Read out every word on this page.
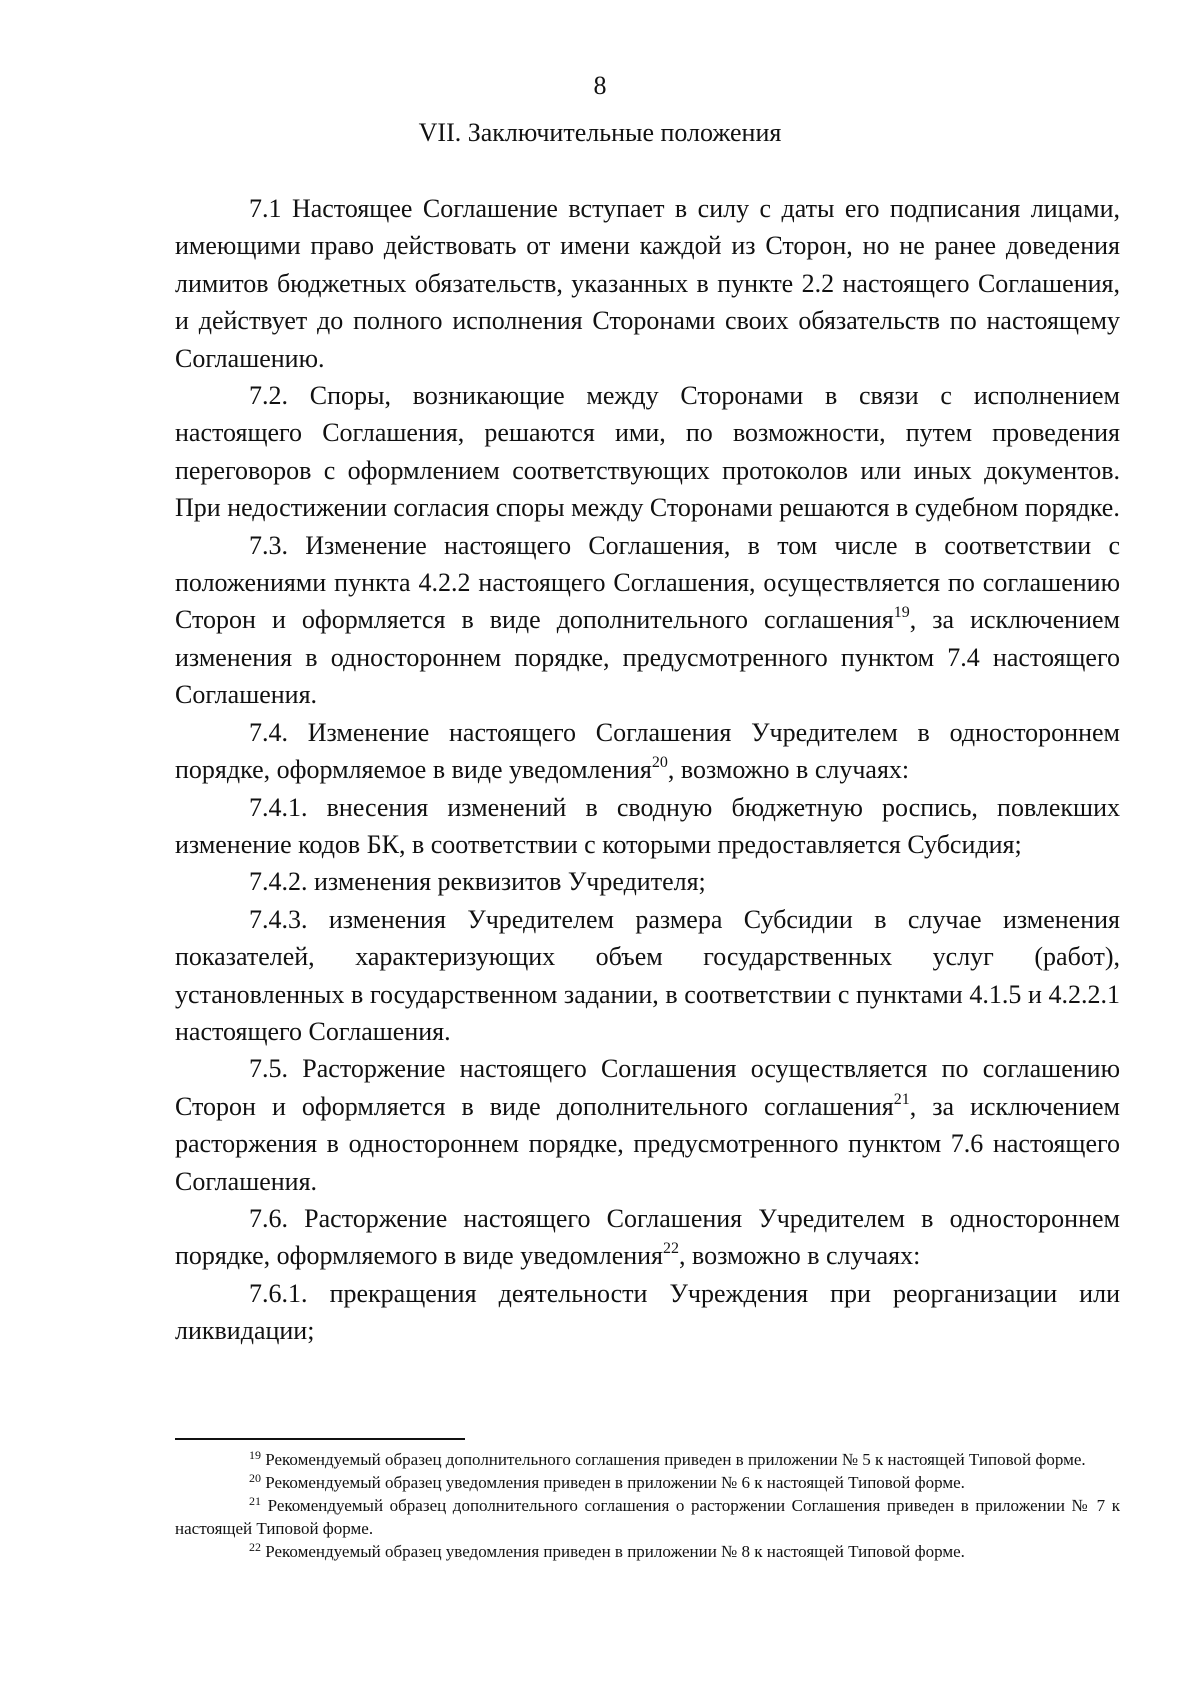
8
VII. Заключительные положения

7.1 Настоящее Соглашение вступает в силу с даты его подписания лицами, имеющими право действовать от имени каждой из Сторон, но не ранее доведения лимитов бюджетных обязательств, указанных в пункте 2.2 настоящего Соглашения, и действует до полного исполнения Сторонами своих обязательств по настоящему Соглашению.

7.2. Споры, возникающие между Сторонами в связи с исполнением настоящего Соглашения, решаются ими, по возможности, путем проведения переговоров с оформлением соответствующих протоколов или иных документов. При недостижении согласия споры между Сторонами решаются в судебном порядке.

7.3. Изменение настоящего Соглашения, в том числе в соответствии с положениями пункта 4.2.2 настоящего Соглашения, осуществляется по соглашению Сторон и оформляется в виде дополнительного соглашения$^{19}$, за исключением изменения в одностороннем порядке, предусмотренного пунктом 7.4 настоящего Соглашения.

7.4. Изменение настоящего Соглашения Учредителем в одностороннем порядке, оформляемое в виде уведомления$^{20}$, возможно в случаях:

7.4.1. внесения изменений в сводную бюджетную роспись, повлекших изменение кодов БК, в соответствии с которыми предоставляется Субсидия;

7.4.2. изменения реквизитов Учредителя;

7.4.3. изменения Учредителем размера Субсидии в случае изменения показателей, характеризующих объем государственных услуг (работ), установленных в государственном задании, в соответствии с пунктами 4.1.5 и 4.2.2.1 настоящего Соглашения.

7.5. Расторжение настоящего Соглашения осуществляется по соглашению Сторон и оформляется в виде дополнительного соглашения$^{21}$, за исключением расторжения в одностороннем порядке, предусмотренного пунктом 7.6 настоящего Соглашения.

7.6. Расторжение настоящего Соглашения Учредителем в одностороннем порядке, оформляемого в виде уведомления$^{22}$, возможно в случаях:

7.6.1. прекращения деятельности Учреждения при реорганизации или ликвидации;

$^{19}$ Рекомендуемый образец дополнительного соглашения приведен в приложении № 5 к настоящей Типовой форме.

$^{20}$ Рекомендуемый образец уведомления приведен в приложении № 6 к настоящей Типовой форме.

$^{21}$ Рекомендуемый образец дополнительного соглашения о расторжении Соглашения приведен в приложении № 7 к настоящей Типовой форме.

$^{22}$ Рекомендуемый образец уведомления приведен в приложении № 8 к настоящей Типовой форме.
